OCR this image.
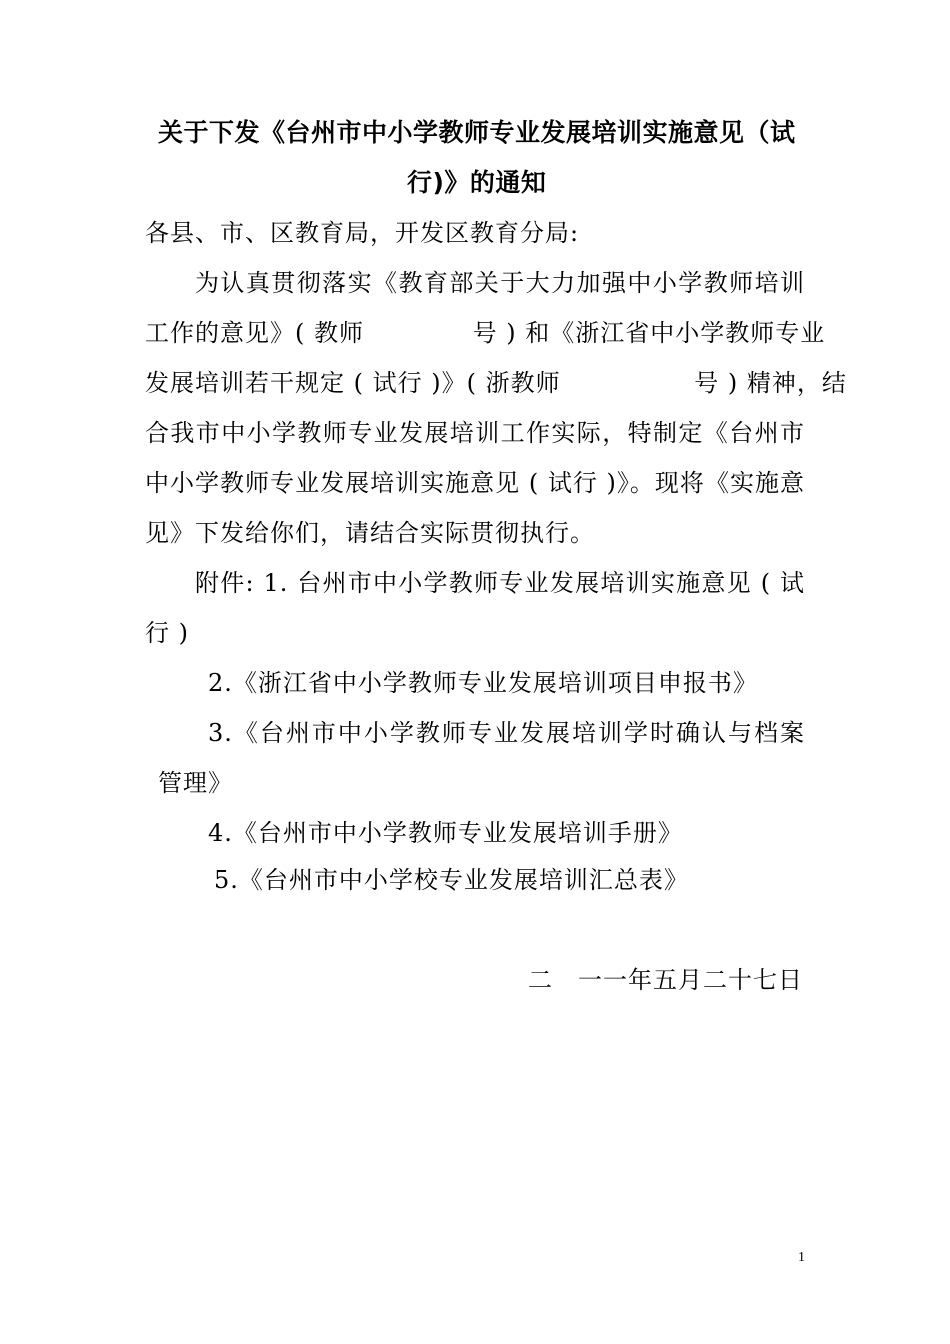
关于下发《台州市中小学教师专业发展培训实施意见（试
行)》的通知
各县、市、区教育局，开发区教育分局:
为认真贯彻落实《教育部关于大力加强中小学教师培训
工作的意见》( 教师　　　　 号 ) 和《浙江省中小学教师专业
发展培训若干规定 ( 试行 )》( 浙教师　　　　　 号 ) 精神，结
合我市中小学教师专业发展培训工作实际，特制定《台州市
中小学教师专业发展培训实施意见 ( 试行 )》。现将《实施意
见》下发给你们，请结合实际贯彻执行。
附件: 1. 台州市中小学教师专业发展培训实施意见 ( 试
行 )
2.《浙江省中小学教师专业发展培训项目申报书》
3.《台州市中小学教师专业发展培训学时确认与档案
管理》
4.《台州市中小学教师专业发展培训手册》
5.《台州市中小学校专业发展培训汇总表》
二　一一年五月二十七日
1
